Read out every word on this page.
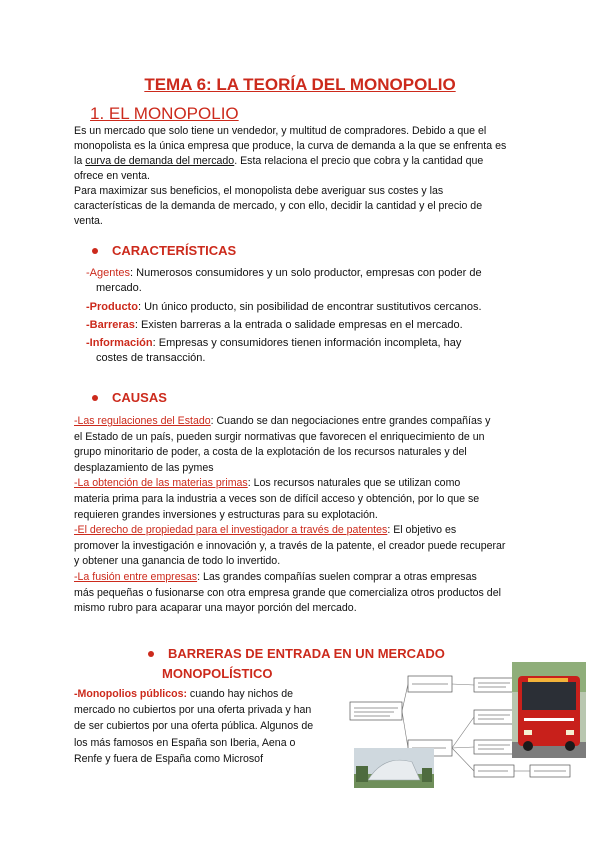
TEMA 6: LA TEORÍA DEL MONOPOLIO
1. EL MONOPOLIO
Es un mercado que solo tiene un vendedor, y multitud de compradores. Debido a que el
monopolista es la única empresa que produce, la curva de demanda a la que se enfrenta es
la curva de demanda del mercado. Esta relaciona el precio que cobra y la cantidad que
ofrece en venta.
Para maximizar sus beneficios, el monopolista debe averiguar sus costes y las
características de la demanda de mercado, y con ello, decidir la cantidad y el precio de
venta.
CARACTERÍSTICAS
-Agentes: Numerosos consumidores y un solo productor, empresas con poder de
mercado.
-Producto: Un único producto, sin posibilidad de encontrar sustitutivos cercanos.
-Barreras: Existen barreras a la entrada o salidade empresas en el mercado.
-Información: Empresas y consumidores tienen información incompleta, hay
costes de transacción.
CAUSAS
-Las regulaciones del Estado: Cuando se dan negociaciones entre grandes compañías y
el Estado de un país, pueden surgir normativas que favorecen el enriquecimiento de un
grupo minoritario de poder, a costa de la explotación de los recursos naturales y del
desplazamiento de las pymes
-La obtención de las materias primas: Los recursos naturales que se utilizan como
materia prima para la industria a veces son de difícil acceso y obtención, por lo que se
requieren grandes inversiones y estructuras para su explotación.
-El derecho de propiedad para el investigador a través de patentes: El objetivo es
promover la investigación e innovación y, a través de la patente, el creador puede recuperar
y obtener una ganancia de todo lo invertido.
-La fusión entre empresas: Las grandes compañías suelen comprar a otras empresas
más pequeñas o fusionarse con otra empresa grande que comercializa otros productos del
mismo rubro para acaparar una mayor porción del mercado.
BARRERAS DE ENTRADA EN UN MERCADO
MONOPOLÍSTICO
-Monopolios públicos: cuando hay nichos de
mercado no cubiertos por una oferta privada y han
de ser cubiertos por una oferta pública. Algunos de
los más famosos en España son Iberia, Aena o
Renfe y fuera de España como Microsof
